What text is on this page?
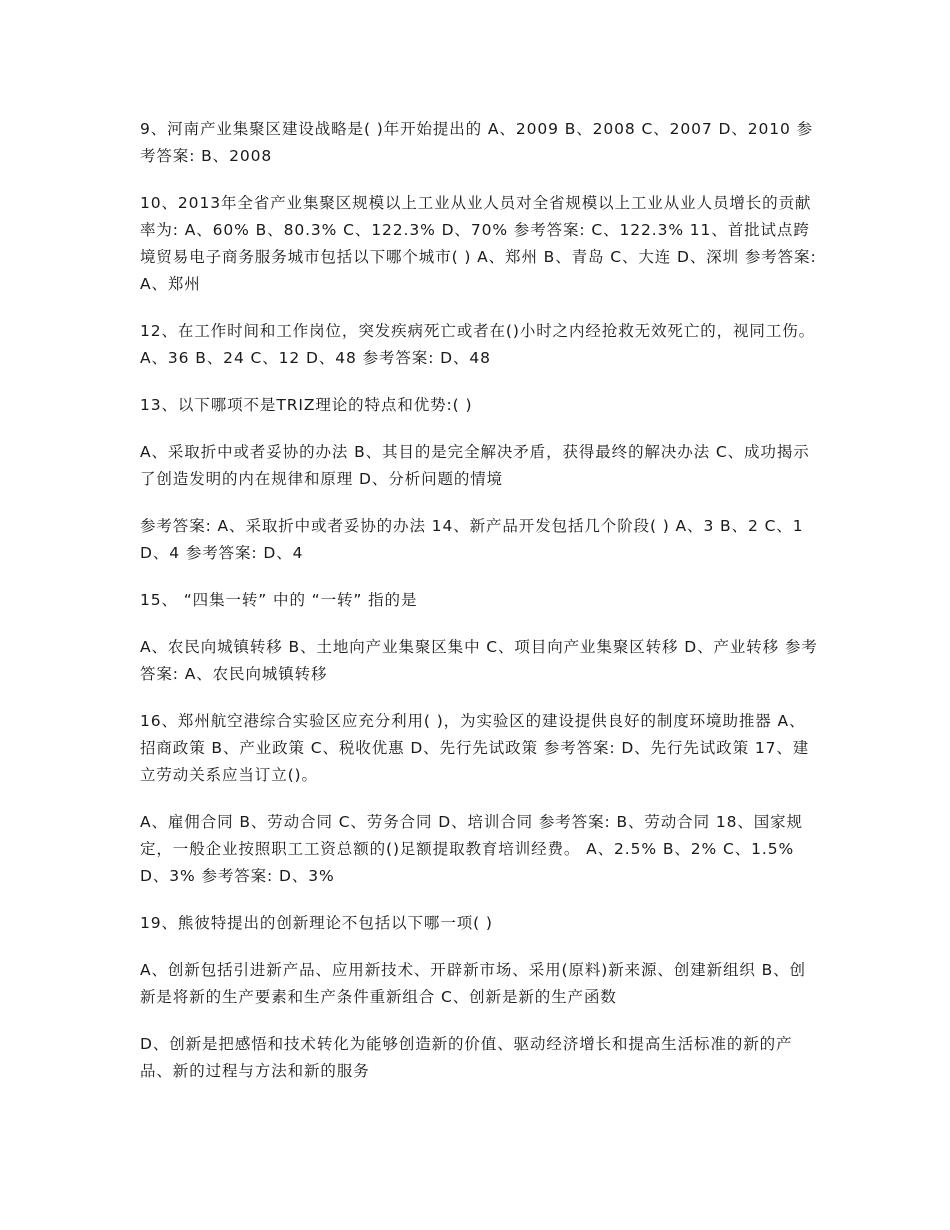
9、河南产业集聚区建设战略是( )年开始提出的 A、2009 B、2008 C、2007 D、2010 参考答案: B、2008

10、2013年全省产业集聚区规模以上工业从业人员对全省规模以上工业从业人员增长的贡献率为: A、60% B、80.3% C、122.3% D、70% 参考答案: C、122.3% 11、首批试点跨境贸易电子商务服务城市包括以下哪个城市( ) A、郑州 B、青岛 C、大连 D、深圳 参考答案: A、郑州

12、在工作时间和工作岗位，突发疾病死亡或者在()小时之内经抢救无效死亡的，视同工伤。 A、36 B、24 C、12 D、48 参考答案: D、48

13、以下哪项不是TRIZ理论的特点和优势:( )

A、采取折中或者妥协的办法 B、其目的是完全解决矛盾，获得最终的解决办法 C、成功揭示了创造发明的内在规律和原理 D、分析问题的情境

参考答案: A、采取折中或者妥协的办法 14、新产品开发包括几个阶段( ) A、3 B、2 C、1 D、4 参考答案: D、4

15、 “四集一转” 中的 “一转” 指的是

A、农民向城镇转移 B、土地向产业集聚区集中 C、项目向产业集聚区转移 D、产业转移 参考答案: A、农民向城镇转移

16、郑州航空港综合实验区应充分利用( )，为实验区的建设提供良好的制度环境助推器 A、招商政策 B、产业政策 C、税收优惠 D、先行先试政策 参考答案: D、先行先试政策 17、建立劳动关系应当订立()。

A、雇佣合同 B、劳动合同 C、劳务合同 D、培训合同 参考答案: B、劳动合同 18、国家规定，一般企业按照职工工资总额的()足额提取教育培训经费。 A、2.5% B、2% C、1.5% D、3% 参考答案: D、3%

19、熊彼特提出的创新理论不包括以下哪一项( )

A、创新包括引进新产品、应用新技术、开辟新市场、采用(原料)新来源、创建新组织 B、创新是将新的生产要素和生产条件重新组合 C、创新是新的生产函数

D、创新是把感悟和技术转化为能够创造新的价值、驱动经济增长和提高生活标准的新的产品、新的过程与方法和新的服务
